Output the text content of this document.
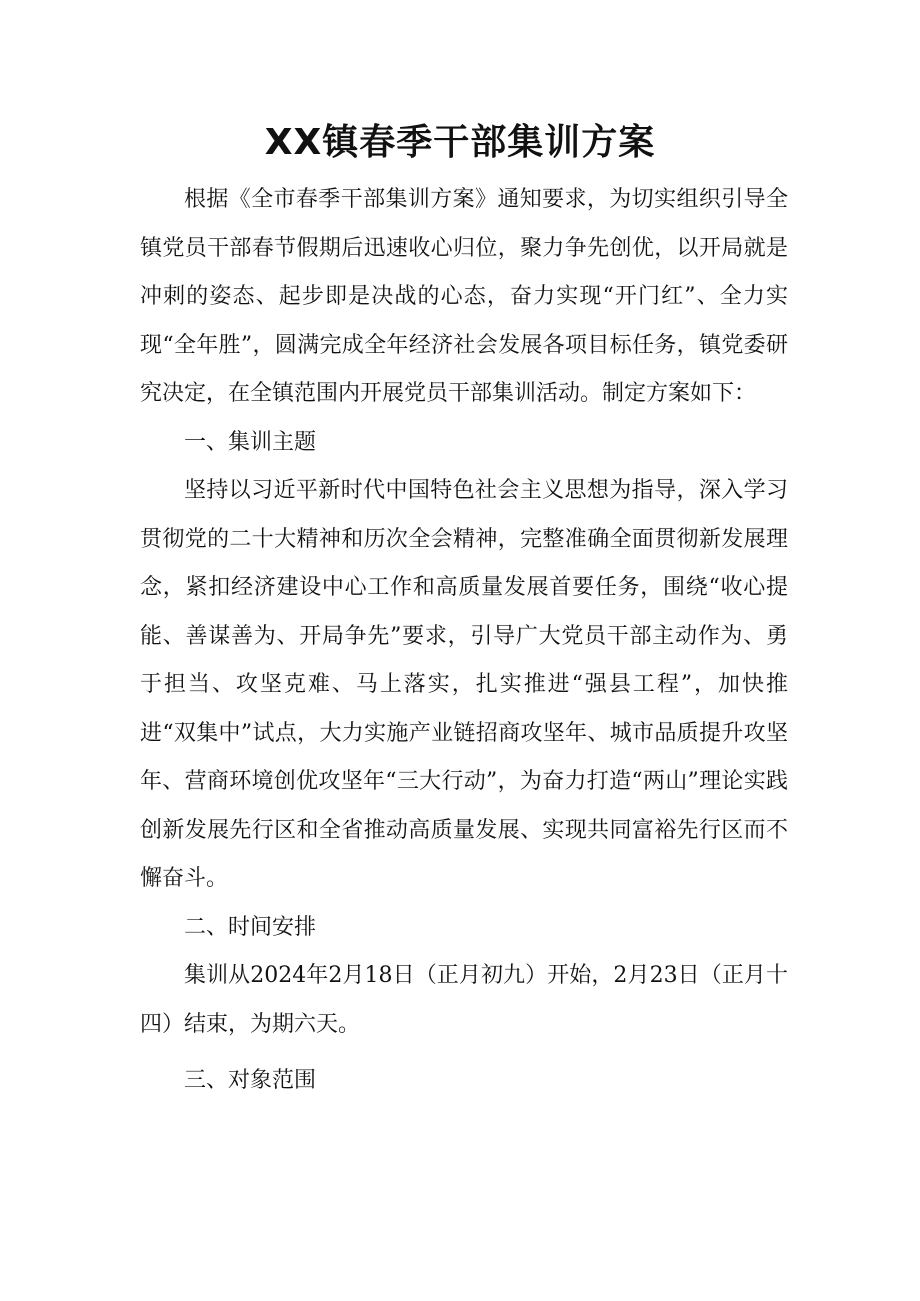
XX镇春季干部集训方案

根据《全市春季干部集训方案》通知要求，为切实组织引导全镇党员干部春节假期后迅速收心归位，聚力争先创优，以开局就是冲刺的姿态、起步即是决战的心态，奋力实现“开门红”、全力实现“全年胜”，圆满完成全年经济社会发展各项目标任务，镇党委研究决定，在全镇范围内开展党员干部集训活动。制定方案如下：

一、集训主题

坚持以习近平新时代中国特色社会主义思想为指导，深入学习贯彻党的二十大精神和历次全会精神，完整准确全面贯彻新发展理念，紧扣经济建设中心工作和高质量发展首要任务，围绕“收心提能、善谋善为、开局争先”要求，引导广大党员干部主动作为、勇于担当、攻坚克难、马上落实，扎实推进“强县工程”，加快推进“双集中”试点，大力实施产业链招商攻坚年、城市品质提升攻坚年、营商环境创优攻坚年“三大行动”，为奋力打造“两山”理论实践创新发展先行区和全省推动高质量发展、实现共同富裕先行区而不懈奋斗。

二、时间安排

集训从2024年2月18日（正月初九）开始，2月23日（正月十四）结束，为期六天。

三、对象范围
